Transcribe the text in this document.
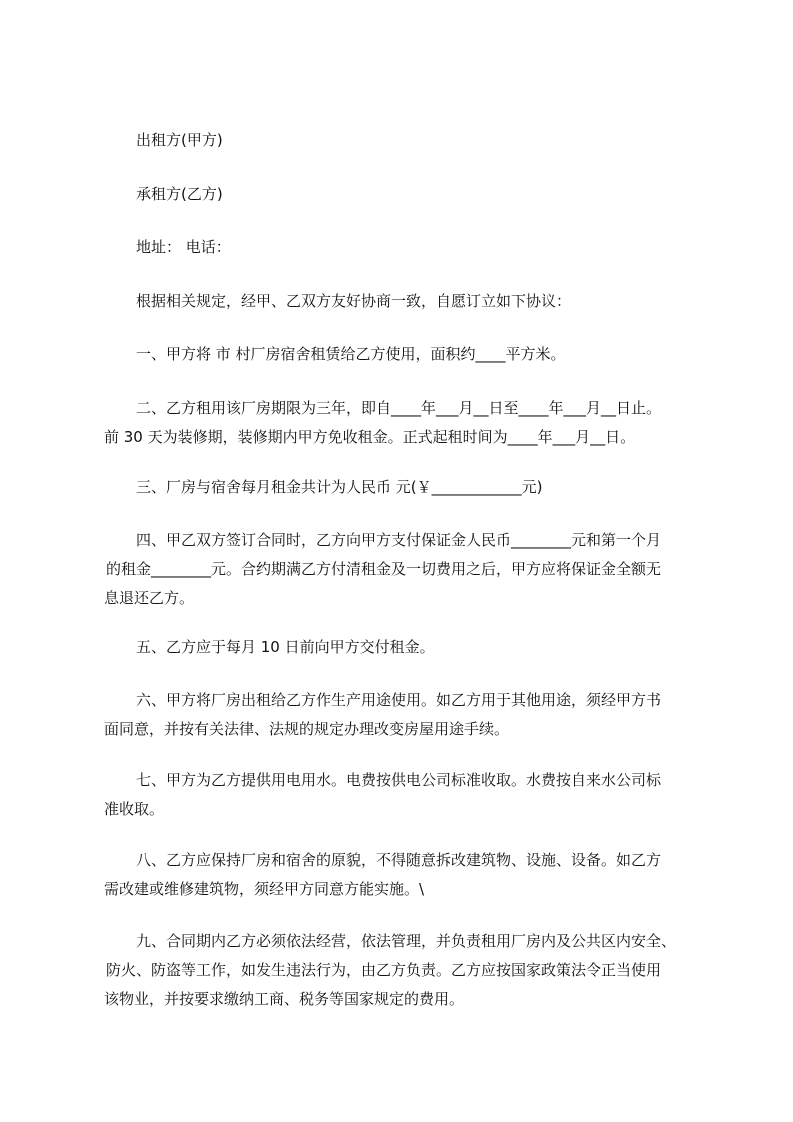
出租方(甲方)

承租方(乙方)

地址： 电话：

根据相关规定，经甲、乙双方友好协商一致，自愿订立如下协议：

一、甲方将 市 村厂房宿舍租赁给乙方使用，面积约____平方米。

二、乙方租用该厂房期限为三年，即自____年___月__日至____年___月__日止。
前 30 天为装修期，装修期内甲方免收租金。正式起租时间为____年___月__日。

三、厂房与宿舍每月租金共计为人民币 元(￥____________元)

四、甲乙双方签订合同时，乙方向甲方支付保证金人民币________元和第一个月
的租金________元。合约期满乙方付清租金及一切费用之后，甲方应将保证金全额无
息退还乙方。

五、乙方应于每月 10 日前向甲方交付租金。

六、甲方将厂房出租给乙方作生产用途使用。如乙方用于其他用途，须经甲方书
面同意，并按有关法律、法规的规定办理改变房屋用途手续。

七、甲方为乙方提供用电用水。电费按供电公司标准收取。水费按自来水公司标
准收取。

八、乙方应保持厂房和宿舍的原貌，不得随意拆改建筑物、设施、设备。如乙方
需改建或维修建筑物，须经甲方同意方能实施。\

九、合同期内乙方必须依法经营，依法管理，并负责租用厂房内及公共区内安全、
防火、防盗等工作，如发生违法行为，由乙方负责。乙方应按国家政策法令正当使用
该物业，并按要求缴纳工商、税务等国家规定的费用。
